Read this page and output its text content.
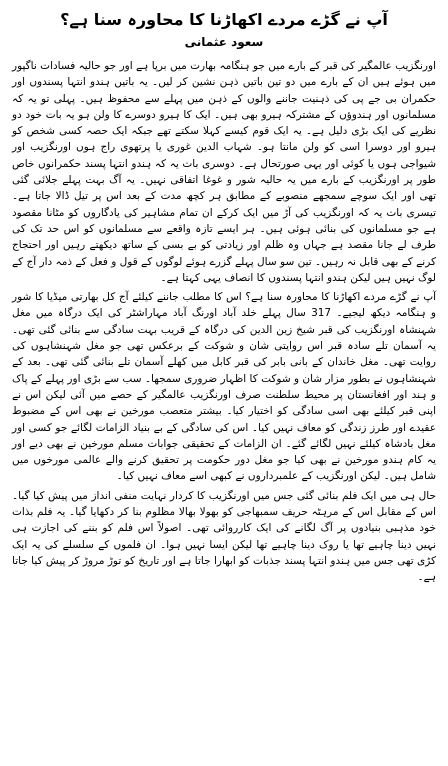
آپ نے گڑے مردے اکھاڑنا کا محاورہ سنا ہے؟
سعود عثمانی

اورنگزیب عالمگیر کی قبر کے بارے میں جو ہنگامہ بھارت میں برپا ہے اور جو حالیہ فسادات ناگپور میں ہوئے ہیں ان کے بارے میں دو تین باتیں ذہن نشین کر لیں۔ یہ باتیں ہندو انتہا پسندوں اور حکمران بی جے پی کی ذہنیت جاننے والوں کے ذہن میں پہلے سے محفوظ ہیں۔ پہلی تو یہ کہ مسلمانوں اور ہندوؤں کے مشترکہ ہیرو بھی ہیں۔ ایک کا ہیرو دوسرے کا ولن ہو یہ بات خود دو نظریے کی ایک بڑی دلیل ہے۔ یہ ایک قوم کیسے کہلا سکتے تھے جبکہ ایک حصہ کسی شخص کو ہیرو اور دوسرا اسی کو ولن مانتا ہو۔ شہاب الدین غوری یا پرتھوی راج ہوں اورنگزیب اور شیواجی ہوں یا کوئی اور یہی صورتحال ہے۔ دوسری بات یہ کہ ہندو انتہا پسند حکمرانوں خاص طور پر اورنگزیب کے بارے میں یہ حالیہ شور و غوغا اتفاقی نہیں۔ یہ آگ بہت پہلے جلائی گئی تھی اور ایک سوچے سمجھے منصوبے کے مطابق ہر کچھ مدت کے بعد اس پر تیل ڈالا جاتا ہے۔ تیسری بات یہ کہ اورنگزیب کی آڑ میں ایک کرکے ان تمام مشاہیر کی یادگاروں کو مٹانا مقصود ہے جو مسلمانوں کی بنائی ہوئی ہیں۔ ہر ایسے تازہ واقعے سے مسلمانوں کو اس حد تک کی طرف لے جانا مقصد ہے جہاں وہ ظلم اور زیادتی کو بے بسی کے ساتھ دیکھتے رہیں اور احتجاج کرنے کے بھی قابل نہ رہیں۔ تین سو سال پہلے گزرے ہوئے لوگوں کے قول و فعل کے ذمہ دار آج کے لوگ نہیں ہیں لیکن ہندو انتہا پسندوں کا انصاف یہی کہتا ہے۔

آپ نے گڑے مردے اکھاڑنا کا محاورہ سنا ہے؟ اس کا مطلب جاننے کیلئے آج کل بھارتی میڈیا کا شور و ہنگامہ دیکھ لیجیے۔ 317 سال پہلے خلد آباد اورنگ آباد مہاراشٹر کی ایک درگاہ میں مغل شہنشاہ اورنگزیب کی قبر شیخ زین الدین کی درگاہ کے قریب بہت سادگی سے بنائی گئی تھی۔ یہ آسمان تلے سادہ قبر اس روایتی شان و شوکت کے برعکس تھی جو مغل شہنشاہوں کی روایت تھی۔ مغل خاندان کے بانی بابر کی قبر کابل میں کھلے آسمان تلے بنائی گئی تھی۔ بعد کے شہنشاہوں نے بطور مزار شان و شوکت کا اظہار ضروری سمجھا۔ سب سے بڑی اور پہلے کے پاک و ہند اور افغانستان پر محیط سلطنت صرف اورنگزیب عالمگیر کے حصے میں آئی لیکن اس نے اپنی قبر کیلئے بھی اسی سادگی کو اختیار کیا۔ بیشتر متعصب مورخین نے بھی اس کے مضبوط عقیدے اور طرز زندگی کو معاف نہیں کیا۔ اس کی سادگی کے بے بنیاد الزامات لگائے جو کسی اور مغل بادشاہ کیلئے نہیں لگائے گئے۔ ان الزامات کے تحقیقی جوابات مسلم مورخین نے بھی دیے اور یہ کام ہندو مورخین نے بھی کیا جو مغل دور حکومت پر تحقیق کرنے والے عالمی مورخوں میں شامل ہیں۔ لیکن اورنگزیب کے علمبرداروں نے کبھی اسے معاف نہیں کیا۔

حال ہی میں ایک فلم بنائی گئی جس میں اورنگزیب کا کردار نہایت منفی انداز میں پیش کیا گیا۔ اس کے مقابل اس کے مرہٹہ حریف سمبھاجی کو بھولا بھالا مظلوم بنا کر دکھایا گیا۔ یہ فلم بذات خود مذہبی بنیادوں پر آگ لگانے کی ایک کارروائی تھی۔ اصولاً اس فلم کو بننے کی اجازت ہی نہیں دینا چاہیے تھا یا روک دینا چاہیے تھا لیکن ایسا نہیں ہوا۔ ان فلموں کے سلسلے کی یہ ایک کڑی تھی جس میں ہندو انتہا پسند جذبات کو ابھارا جاتا ہے اور تاریخ کو توڑ مروڑ کر پیش کیا جاتا ہے۔
